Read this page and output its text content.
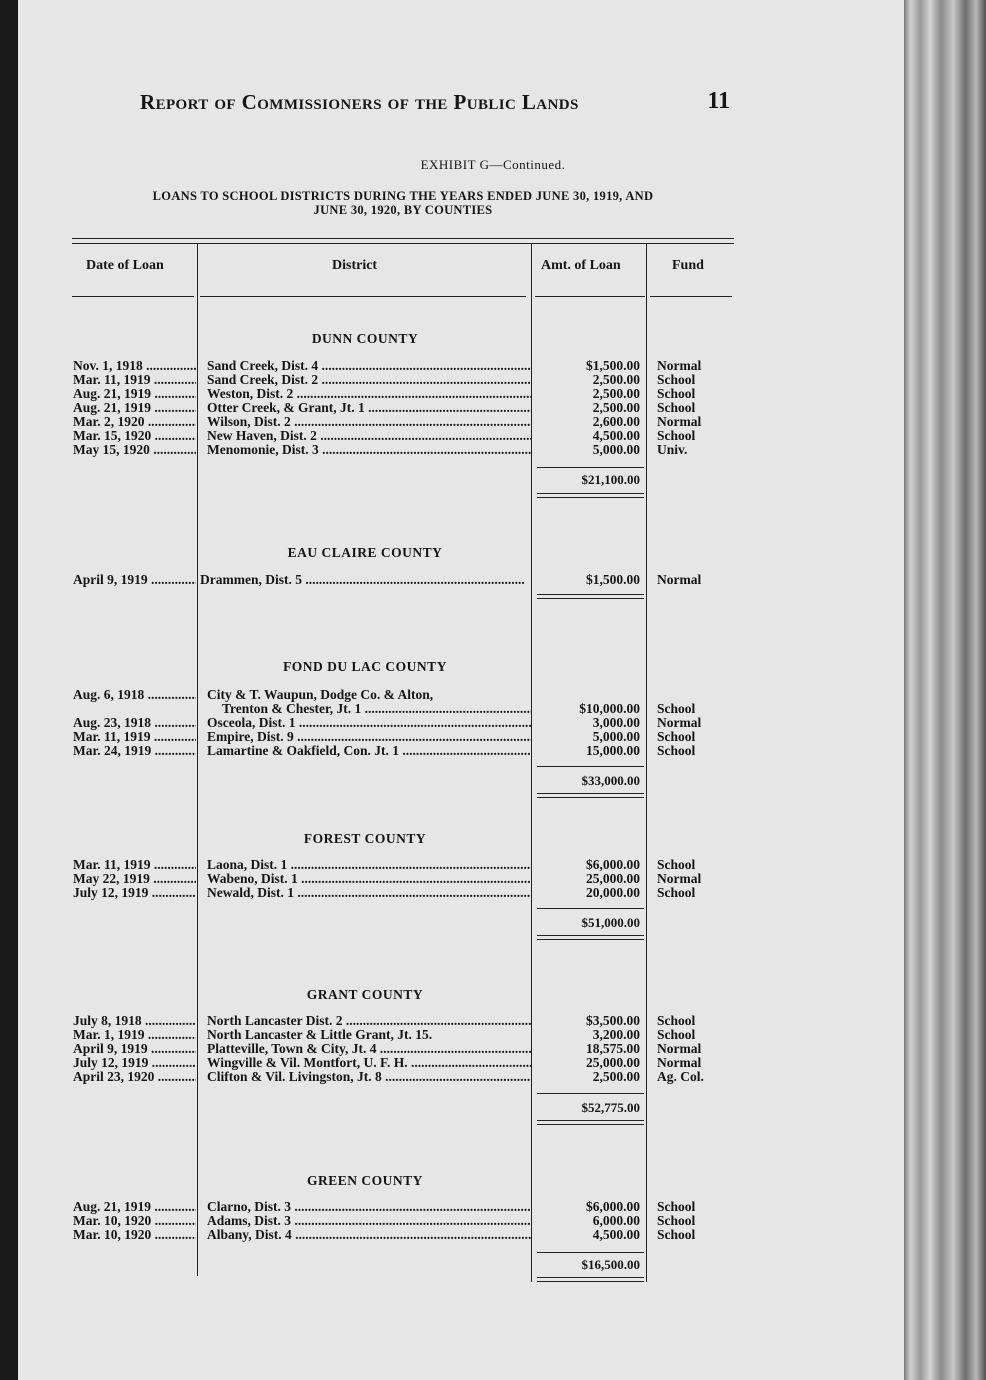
Report of Commissioners of the Public Lands	11
EXHIBIT G—Continued.
LOANS TO SCHOOL DISTRICTS DURING THE YEARS ENDED JUNE 30, 1919, AND
JUNE 30, 1920, BY COUNTIES
Date of Loan	District	Amt. of Loan	Fund
DUNN COUNTY
Nov. 1, 1918 .....	Sand Creek, Dist. 4 .....	$1,500.00 Normal
Mar. 11, 1919 .....	Sand Creek, Dist. 2 .....	2,500.00 School
Aug. 21, 1919 .....	Weston, Dist. 2 .....	2,500.00 School
Aug. 21, 1919 .....	Otter Creek, & Grant, Jt. 1 .....	2,500.00 School
Mar. 2, 1920 .....	Wilson, Dist. 2 .....	2,600.00 Normal
Mar. 15, 1920 .....	New Haven, Dist. 2 .....	4,500.00 School
May 15, 1920 .....	Menomonie, Dist. 3 .....	5,000.00 Univ.
$21,100.00
EAU CLAIRE COUNTY
April 9, 1919 .....	Drammen, Dist. 5 .....	$1,500.00 Normal
FOND DU LAC COUNTY
Aug. 6, 1918 .....	City & T. Waupun, Dodge Co. & Alton,
Trenton & Chester, Jt. 1 .....	$10,000.00 School
Aug. 23, 1918 .....	Osceola, Dist. 1 .....	3,000.00 Normal
Mar. 11, 1919 .....	Empire, Dist. 9 .....	5,000.00 School
Mar. 24, 1919 .....	Lamartine & Oakfield, Con. Jt. 1 .....	15,000.00 School
$33,000.00
FOREST COUNTY
Mar. 11, 1919 .....	Laona, Dist. 1 .....	$6,000.00 School
May 22, 1919 .....	Wabeno, Dist. 1 .....	25,000.00 Normal
July 12, 1919 .....	Newald, Dist. 1 .....	20,000.00 School
$51,000.00
GRANT COUNTY
July 8, 1918 .....	North Lancaster Dist. 2 .....	$3,500.00 School
Mar. 1, 1919 .....	North Lancaster & Little Grant, Jt. 15.	3,200.00 School
April 9, 1919 .....	Platteville, Town & City, Jt. 4 .....	18,575.00 Normal
July 12, 1919 .....	Wingville & Vil. Montfort, U. F. H. .....	25,000.00 Normal
April 23, 1920 .....	Clifton & Vil. Livingston, Jt. 8 .....	2,500.00 Ag. Col.
$52,775.00
GREEN COUNTY
Aug. 21, 1919 .....	Clarno, Dist. 3 .....	$6,000.00 School
Mar. 10, 1920 .....	Adams, Dist. 3 .....	6,000.00 School
Mar. 10, 1920 .....	Albany, Dist. 4 .....	4,500.00 School
$16,500.00
